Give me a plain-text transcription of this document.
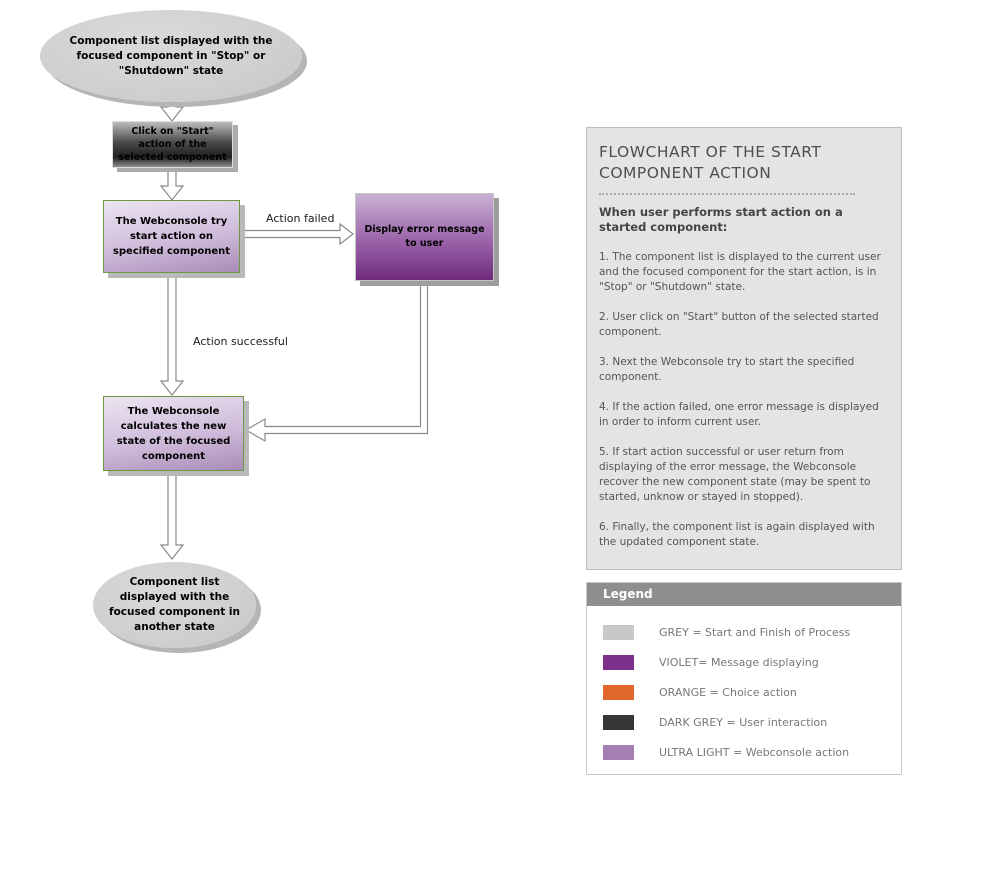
Component list displayed with the focused component in "Stop" or "Shutdown" state
Click on "Start" action of the selected component
The Webconsole try start action on specified component
Display error message to user
The Webconsole calculates the new state of the focused component
Component list displayed with the focused component in another state
Action failed
Action successful
FLOWCHART OF THE START COMPONENT ACTION
When user performs start action on a started component:
1. The component list is displayed to the current user and the focused component for the start action, is in "Stop" or "Shutdown" state.
2. User click on "Start" button of the selected started component.
3. Next the Webconsole try to start the specified component.
4. If the action failed, one error message is displayed in order to inform current user.
5. If start action successful or user return from displaying of the error message, the Webconsole recover the new component state (may be spent to started, unknow or stayed in stopped).
6. Finally, the component list is again displayed with the updated component state.
Legend
GREY = Start and Finish of Process
VIOLET= Message displaying
ORANGE = Choice action
DARK GREY = User interaction
ULTRA LIGHT = Webconsole action
